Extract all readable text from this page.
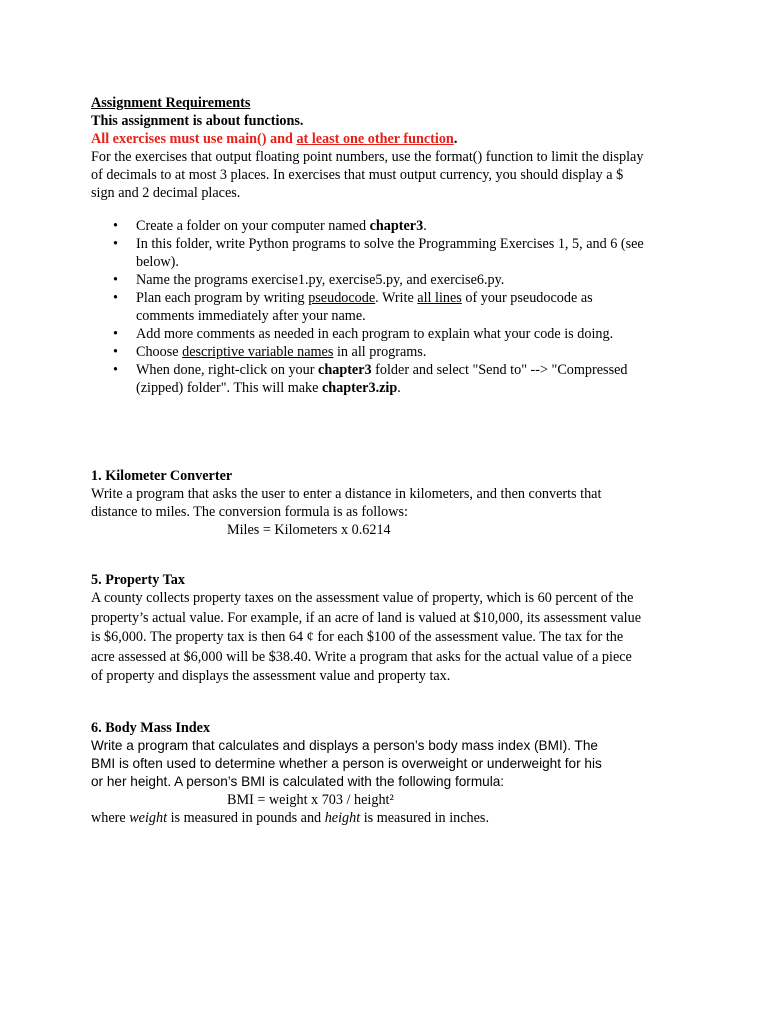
Assignment Requirements
This assignment is about functions.
All exercises must use main() and at least one other function.
For the exercises that output floating point numbers, use the format() function to limit the display
of decimals to at most 3 places. In exercises that must output currency, you should display a $
sign and 2 decimal places.
• Create a folder on your computer named chapter3.
• In this folder, write Python programs to solve the Programming Exercises 1, 5, and 6 (see
below).
• Name the programs exercise1.py, exercise5.py, and exercise6.py.
• Plan each program by writing pseudocode. Write all lines of your pseudocode as
comments immediately after your name.
• Add more comments as needed in each program to explain what your code is doing.
• Choose descriptive variable names in all programs.
• When done, right-click on your chapter3 folder and select "Send to" --> "Compressed
(zipped) folder". This will make chapter3.zip.
1. Kilometer Converter
Write a program that asks the user to enter a distance in kilometers, and then converts that
distance to miles. The conversion formula is as follows:
Miles = Kilometers x 0.6214
5. Property Tax
A county collects property taxes on the assessment value of property, which is 60 percent of the
property’s actual value. For example, if an acre of land is valued at $10,000, its assessment value
is $6,000. The property tax is then 64 ¢ for each $100 of the assessment value. The tax for the
acre assessed at $6,000 will be $38.40. Write a program that asks for the actual value of a piece
of property and displays the assessment value and property tax.
6. Body Mass Index
Write a program that calculates and displays a person’s body mass index (BMI). The
BMI is often used to determine whether a person is overweight or underweight for his
or her height. A person’s BMI is calculated with the following formula:
BMI = weight x 703 / height²
where weight is measured in pounds and height is measured in inches.
